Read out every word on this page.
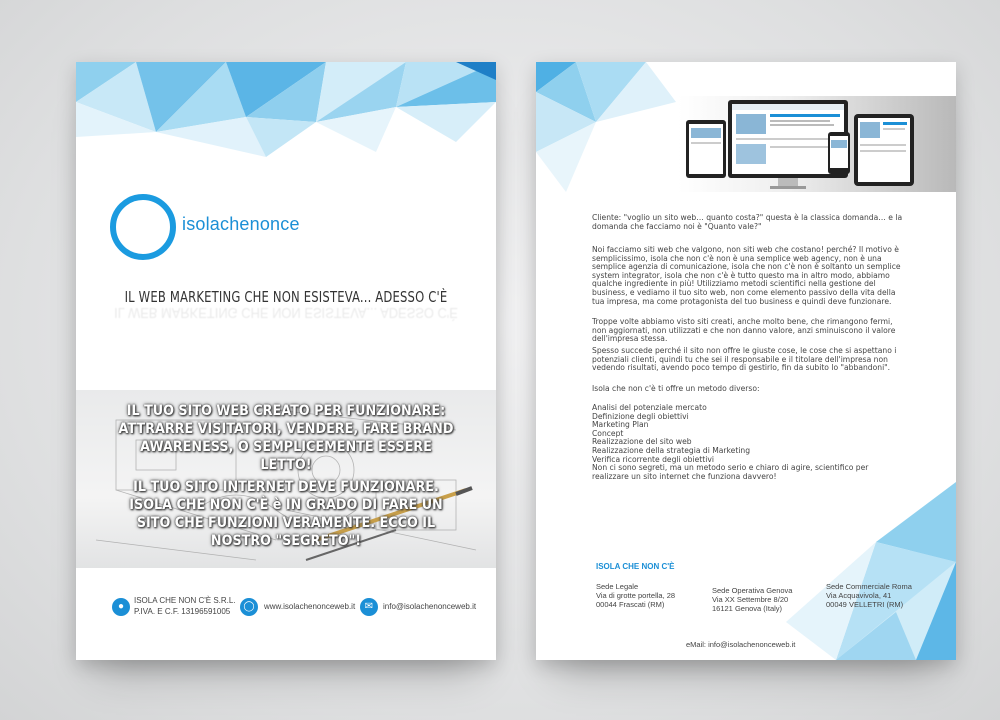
isolachenonce
IL WEB MARKETING CHE NON ESISTEVA... ADESSO C'È
IL WEB MARKETING CHE NON ESISTEVA... ADESSO C'È
IL TUO SITO WEB CREATO PER FUNZIONARE: ATTRARRE VISITATORI, VENDERE, FARE BRAND AWARENESS, O SEMPLICEMENTE ESSERE LETTO!
IL TUO SITO INTERNET DEVE FUNZIONARE. ISOLA CHE NON C'È è IN GRADO DI FARE UN SITO CHE FUNZIONI VERAMENTE. ECCO IL NOSTRO "SEGRETO"!
●
ISOLA CHE NON C'È S.R.L.
P.IVA. E C.F. 13196591005	◯	www.isolachenonceweb.it ✉	info@isolachenonceweb.it
Cliente: "voglio un sito web… quanto costa?" questa è la classica domanda… e la domanda che facciamo noi è "Quanto vale?"
Noi facciamo siti web che valgono, non siti web che costano! perché? Il motivo è semplicissimo, isola che non c'è non è una semplice web agency, non è una semplice agenzia di comunicazione, isola che non c'è non è soltanto un semplice system integrator, isola che non c'è è tutto questo ma in altro modo, abbiamo qualche ingrediente in più! Utilizziamo metodi scientifici nella gestione del business, e vediamo il tuo sito web, non come elemento passivo della vita della tua impresa, ma come protagonista del tuo business e quindi deve funzionare.
Troppe volte abbiamo visto siti creati, anche molto bene, che rimangono fermi, non aggiornati, non utilizzati e che non danno valore, anzi sminuiscono il valore dell'impresa stessa.
Spesso succede perché il sito non offre le giuste cose, le cose che si aspettano i potenziali clienti, quindi tu che sei il responsabile e il titolare dell'impresa non vedendo risultati, avendo poco tempo di gestirlo, fin da subito lo "abbandoni".
Isola che non c'è ti offre un metodo diverso:
Analisi del potenziale mercato
Definizione degli obiettivi
Marketing Plan
Concept
Realizzazione del sito web
Realizzazione della strategia di Marketing
Verifica ricorrente degli obiettivi
Non ci sono segreti, ma un metodo serio e chiaro di agire, scientifico per realizzare un sito internet che funziona davvero!
ISOLA CHE NON C'È
Sede Legale
Via di grotte portella, 28
00044 Frascati (RM)
Sede Operativa Genova
Via XX Settembre 8/20
16121 Genova (Italy)
Sede Commerciale Roma
Via Acquavivola, 41
00049 VELLETRI (RM)
eMail: info@isolachenonceweb.it
